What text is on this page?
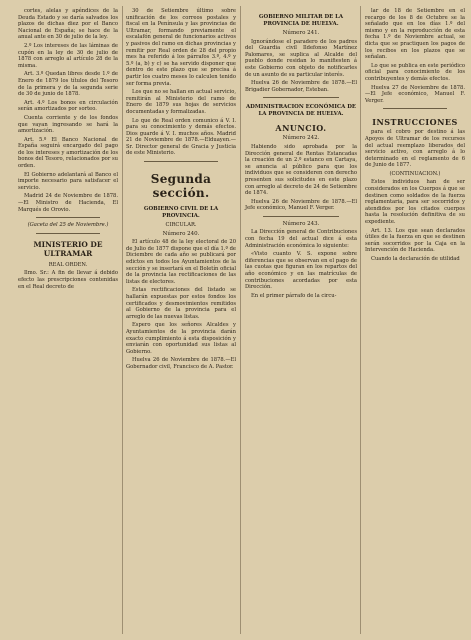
cortes, alelas y apéndices de la Deuda Estado y se daría salvados los plazos de dichas diez por el Banco Nacional de España; se hace de la anual ante en 30 de julio de la ley.

2.º Los intereses de las láminas de cupón en la ley de 30 de julio de 1878 con arreglo al artículo 28 de la misma.

Art. 3.º Quedan libres desde 1.º de Enero de 1879 los títulos del Tesoro de la primera y de la segunda serie de 30 de junio de 1878.

Art. 4.º Los bonos en circulación serán amortizados por sorteo.

Cuenta corriente y de los fondos que vayan ingresando se hará la amortización.

Art. 5.º El Banco Nacional de España seguirá encargado del pago de los intereses y amortización de los bonos del Tesoro, relacionados por su orden.

El Gobierno adelantará al Banco el importe necesario para satisfacer el servicio.

Madrid 24 de Noviembre de 1878.—El Ministro de Hacienda, El Marqués de Orovio.

(Gaceta del 25 de Noviembre.)

MINISTERIO DE ULTRAMAR

REAL ORDEN.

Ilmo. Sr.: A fin de llevar á debido efecto las prescripciones contenidas en el Real decreto de

30 de Setiembre último sobre unificación de los correos postales y fiscal en la Península y las provincias de Ultramar, formando previamente el escalafón general de funcionarios activos y pasivos del ramo en dichas provincias y remitir por Real orden de 28 del propio mes ha referido á los párrafos 3.º, 4.º y 5.º (a, b) y c) se ha servido disponer que dentro de este plazo que se precisa á partir los cuatro meses lo calculen tenido ser forma previa.

Los que no se hallan en actual servicio, remitirán al Ministerio del ramo de Enero de 1879 sus hojas de servicios documentadas y formalizadas.

Lo que de Real orden comunico á V. I. para su conocimiento y demás efectos. Dios guarde á V. I. muchos años. Madrid 21 de Noviembre de 1878.—Elduayen.—Sr. Director general de Gracia y Justicia de este Ministerio.

Segunda sección.
GOBIERNO CIVIL DE LA PROVINCIA.

CIRCULAR.

Número 240.

El artículo 48 de la ley electoral de 20 de Julio de 1877 dispone que el día 1.º de Diciembre de cada año se publicará por edictos en todos los Ayuntamientos de la sección y se insertará en el Boletín oficial de la provincia las rectificaciones de las listas de electores.

Estas rectificaciones del listado se hallarán expuestas por estos fondos los certificados y desmovimientos remitidos al Gobierno de la provincia para el arreglo de las nuevas listas.

Espero que los señores Alcaldes y Ayuntamientos de la provincia darán exacto cumplimiento á esta disposición y enviarán con oportunidad sus listas al Gobierno.

Huelva 26 de Noviembre de 1878.—El Gobernador civil, Francisco de A. Pastor.

GOBIERNO MILITAR DE LA PROVINCIA DE HUELVA.

Número 241.

Ignorándose el paradero de los padres del Guardia civil Ildefonso Martínez Palomares, se suplica al Alcalde del pueblo donde residan lo manifiesten á este Gobierno con objeto de notificarles de un asunto de su particular interés.

Huelva 26 de Noviembre de 1878.—El Brigadier Gobernador, Esteban.

ADMINISTRACION ECONÓMICA DE LA PROVINCIA DE HUELVA.
ANUNCIO.

Número 242.

Habiendo sido aprobada por la Dirección general de Rentas Estancadas la creación de un 2.º estanco en Cartaya, se anuncia al público para que los individuos que se consideren con derecho presenten sus solicitudes en este plazo con arreglo al decreto de 24 de Setiembre de 1874.

Huelva 26 de Noviembre de 1878.—El Jefe económico, Manuel F. Verger.

Número 243.

La Dirección general de Contribuciones con fecha 19 del actual dice á esta Administración económica lo siguiente:

«Visto cuanto V. S. expone sobre diferencias que se observan en el pago de las cuotas que figuran en los repartos del año económico y en las matrículas de contribuciones acordadas por esta Dirección.

En el primer párrafo de la circu-

lar de 18 de Setiembre en el recargo de los 8 de Octubre se la señalado que en los días 1.º del mismo y en la reproducción de esta fecha 1.º de Noviembre actual, se dicta que se practiquen los pagos de los recibos en los plazos que se señalan.

Lo que se publica en este periódico oficial para conocimiento de los contribuyentes y demás efectos.

Huelva 27 de Noviembre de 1878.—El Jefe económico, Manuel F. Verger.

INSTRUCCIONES

para el cobro por destino á las Apoyos de Ultramar de los recursos del actual reemplazo liberados del servicio activo, con arreglo á lo determinado en el reglamento de 6 de Junio de 1877.

(CONTINUACION.)

Estos individuos han de ser considerados en los Cuerpos á que se destinen como soldados de la fuerza reglamentaria, para ser socorridos y atendidos por los citados cuerpos hasta la resolución definitiva de su expediente.

Art. 13. Los que sean declarados útiles de la fuerza en que se destinen serán socorridos por la Caja en la Intervención de Hacienda.

Cuando la declaración de utilidad
